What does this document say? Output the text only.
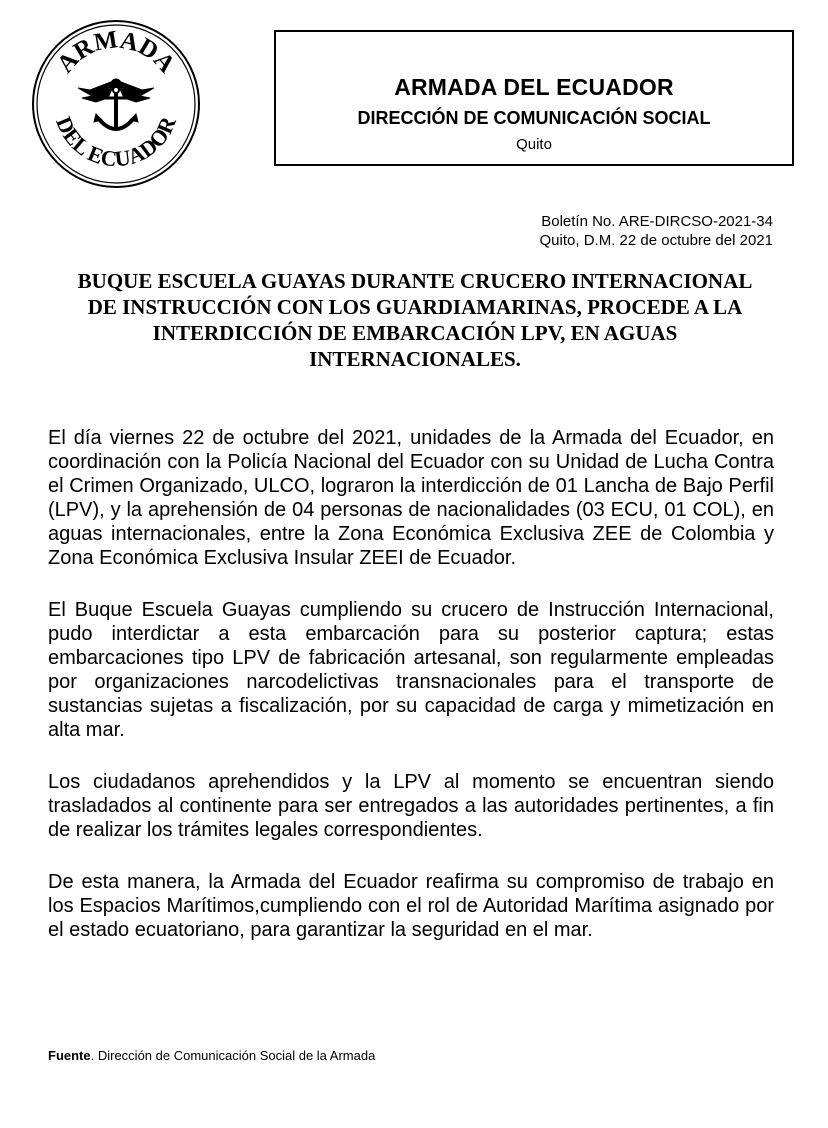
ARMADA
DEL ECUADOR
ARMADA DEL ECUADOR
DIRECCIÓN DE COMUNICACIÓN SOCIAL
Quito
Boletín No. ARE-DIRCSO-2021-34
Quito, D.M. 22 de octubre del 2021
BUQUE ESCUELA GUAYAS DURANTE CRUCERO INTERNACIONAL DE INSTRUCCIÓN CON LOS GUARDIAMARINAS, PROCEDE A LA INTERDICCIÓN DE EMBARCACIÓN LPV, EN AGUAS INTERNACIONALES.

El día viernes 22 de octubre del 2021, unidades de la Armada del Ecuador, en coordinación con la Policía Nacional del Ecuador con su Unidad de Lucha Contra el Crimen Organizado, ULCO, lograron la interdicción de 01 Lancha de Bajo Perfil (LPV), y la aprehensión de 04 personas de nacionalidades (03 ECU, 01 COL), en aguas internacionales, entre la Zona Económica Exclusiva ZEE de Colombia y Zona Económica Exclusiva Insular ZEEI de Ecuador.

El Buque Escuela Guayas cumpliendo su crucero de Instrucción Internacional, pudo interdictar a esta embarcación para su posterior captura; estas embarcaciones tipo LPV de fabricación artesanal, son regularmente empleadas por organizaciones narcodelictivas transnacionales para el transporte de sustancias sujetas a fiscalización, por su capacidad de carga y mimetización en alta mar.

Los ciudadanos aprehendidos y la LPV al momento se encuentran siendo trasladados al continente para ser entregados a las autoridades pertinentes, a fin de realizar los trámites legales correspondientes.

De esta manera, la Armada del Ecuador reafirma su compromiso de trabajo en los Espacios Marítimos,cumpliendo con el rol de Autoridad Marítima asignado por el estado ecuatoriano, para garantizar la seguridad en el mar.

Fuente. Dirección de Comunicación Social de la Armada
